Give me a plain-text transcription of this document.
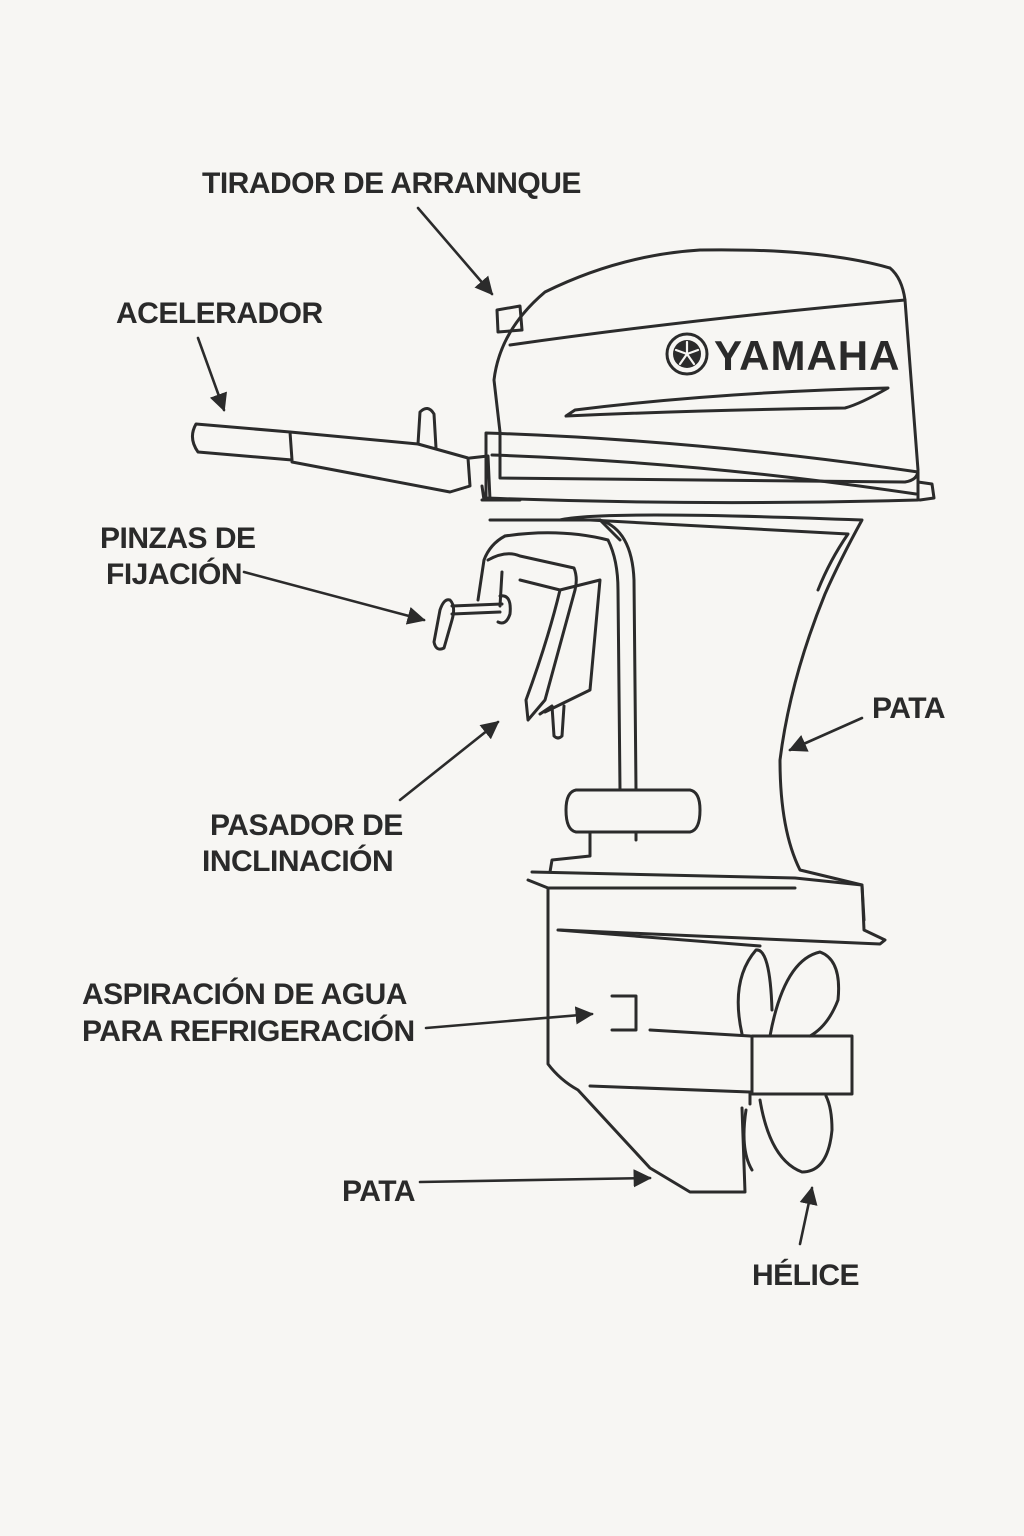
YAMAHA
TIRADOR DE ARRANNQUE
ACELERADOR
PINZAS DE
FIJACIÓN
PATA
PASADOR DE
INCLINACIÓN
ASPIRACIÓN DE AGUA
PARA REFRIGERACIÓN
PATA
HÉLICE
